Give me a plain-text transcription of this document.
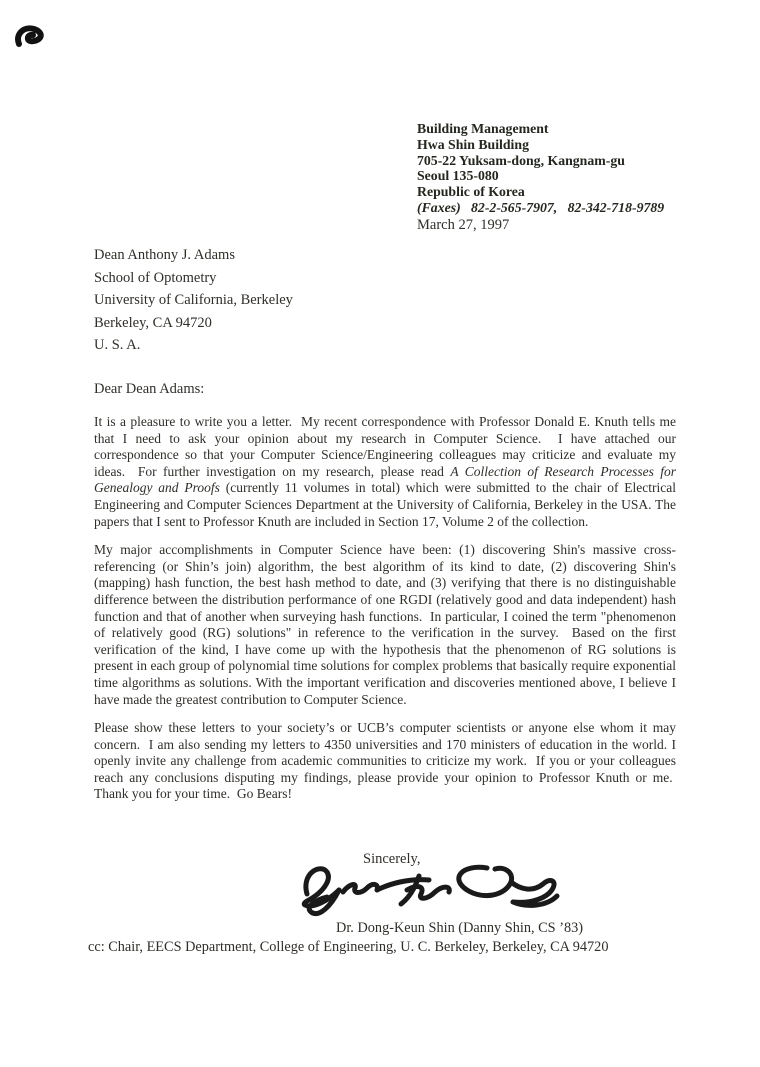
Building Management
Hwa Shin Building
705-22 Yuksam-dong, Kangnam-gu
Seoul 135-080
Republic of Korea
(Faxes)   82-2-565-7907,   82-342-718-9789
March 27, 1997
Dean Anthony J. Adams
School of Optometry
University of California, Berkeley
Berkeley, CA 94720
U. S. A.
Dear Dean Adams:

It is a pleasure to write you a letter.  My recent correspondence with Professor Donald E. Knuth tells me that I need to ask your opinion about my research in Computer Science.  I have attached our correspondence so that your Computer Science/Engineering colleagues may criticize and evaluate my ideas.  For further investigation on my research, please read A Collection of Research Processes for Genealogy and Proofs (currently 11 volumes in total) which were submitted to the chair of Electrical Engineering and Computer Sciences Department at the University of California, Berkeley in the USA. The papers that I sent to Professor Knuth are included in Section 17, Volume 2 of the collection.

My major accomplishments in Computer Science have been: (1) discovering Shin's massive cross-referencing (or Shin’s join) algorithm, the best algorithm of its kind to date, (2) discovering Shin's (mapping) hash function, the best hash method to date, and (3) verifying that there is no distinguishable difference between the distribution performance of one RGDI (relatively good and data independent) hash function and that of another when surveying hash functions.  In particular, I coined the term "phenomenon of relatively good (RG) solutions" in reference to the verification in the survey.  Based on the first verification of the kind, I have come up with the hypothesis that the phenomenon of RG solutions is present in each group of polynomial time solutions for complex problems that basically require exponential time algorithms as solutions. With the important verification and discoveries mentioned above, I believe I have made the greatest contribution to Computer Science.

Please show these letters to your society’s or UCB’s computer scientists or anyone else whom it may concern.  I am also sending my letters to 4350 universities and 170 ministers of education in the world. I openly invite any challenge from academic communities to criticize my work.  If you or your colleagues reach any conclusions disputing my findings, please provide your opinion to Professor Knuth or me.  Thank you for your time.  Go Bears!

Sincerely,
Dr. Dong-Keun Shin (Danny Shin, CS ’83)
cc: Chair, EECS Department, College of Engineering, U. C. Berkeley, Berkeley, CA 94720
